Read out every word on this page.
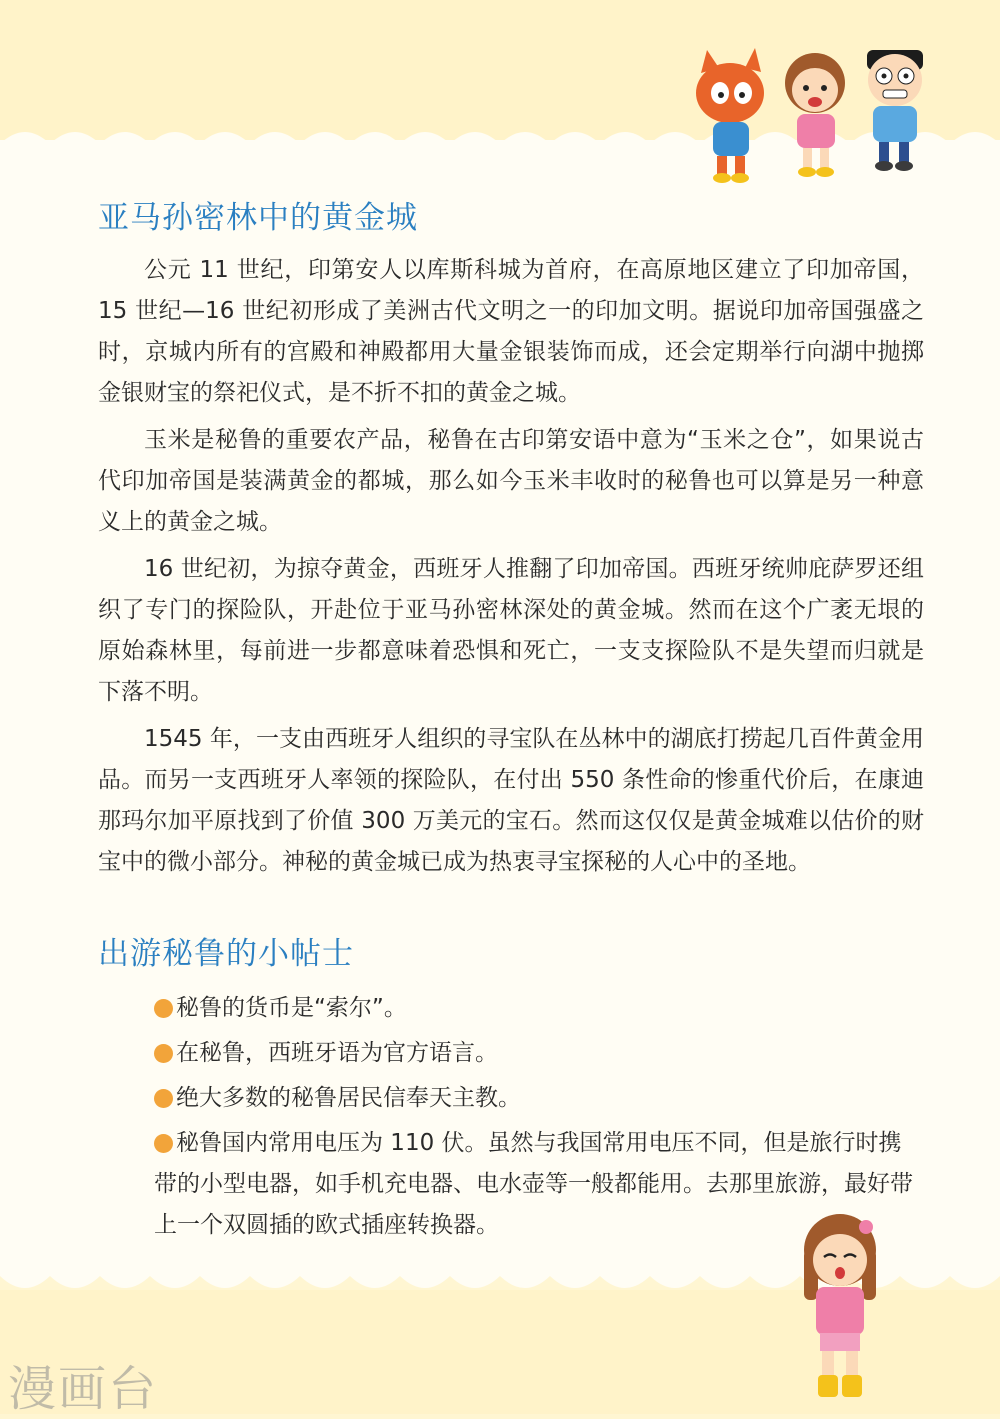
亚马孙密林中的黄金城

公元 11 世纪，印第安人以库斯科城为首府，在高原地区建立了印加帝国，15 世纪—16 世纪初形成了美洲古代文明之一的印加文明。据说印加帝国强盛之时，京城内所有的宫殿和神殿都用大量金银装饰而成，还会定期举行向湖中抛掷金银财宝的祭祀仪式，是不折不扣的黄金之城。

玉米是秘鲁的重要农产品，秘鲁在古印第安语中意为“玉米之仓”，如果说古代印加帝国是装满黄金的都城，那么如今玉米丰收时的秘鲁也可以算是另一种意义上的黄金之城。

16 世纪初，为掠夺黄金，西班牙人推翻了印加帝国。西班牙统帅庇萨罗还组织了专门的探险队，开赴位于亚马孙密林深处的黄金城。然而在这个广袤无垠的原始森林里，每前进一步都意味着恐惧和死亡，一支支探险队不是失望而归就是下落不明。

1545 年，一支由西班牙人组织的寻宝队在丛林中的湖底打捞起几百件黄金用品。而另一支西班牙人率领的探险队，在付出 550 条性命的惨重代价后，在康迪那玛尔加平原找到了价值 300 万美元的宝石。然而这仅仅是黄金城难以估价的财宝中的微小部分。神秘的黄金城已成为热衷寻宝探秘的人心中的圣地。

出游秘鲁的小帖士

秘鲁的货币是“索尔”。

在秘鲁，西班牙语为官方语言。

绝大多数的秘鲁居民信奉天主教。

秘鲁国内常用电压为 110 伏。虽然与我国常用电压不同，但是旅行时携带的小型电器，如手机充电器、电水壶等一般都能用。去那里旅游，最好带上一个双圆插的欧式插座转换器。

漫画台
